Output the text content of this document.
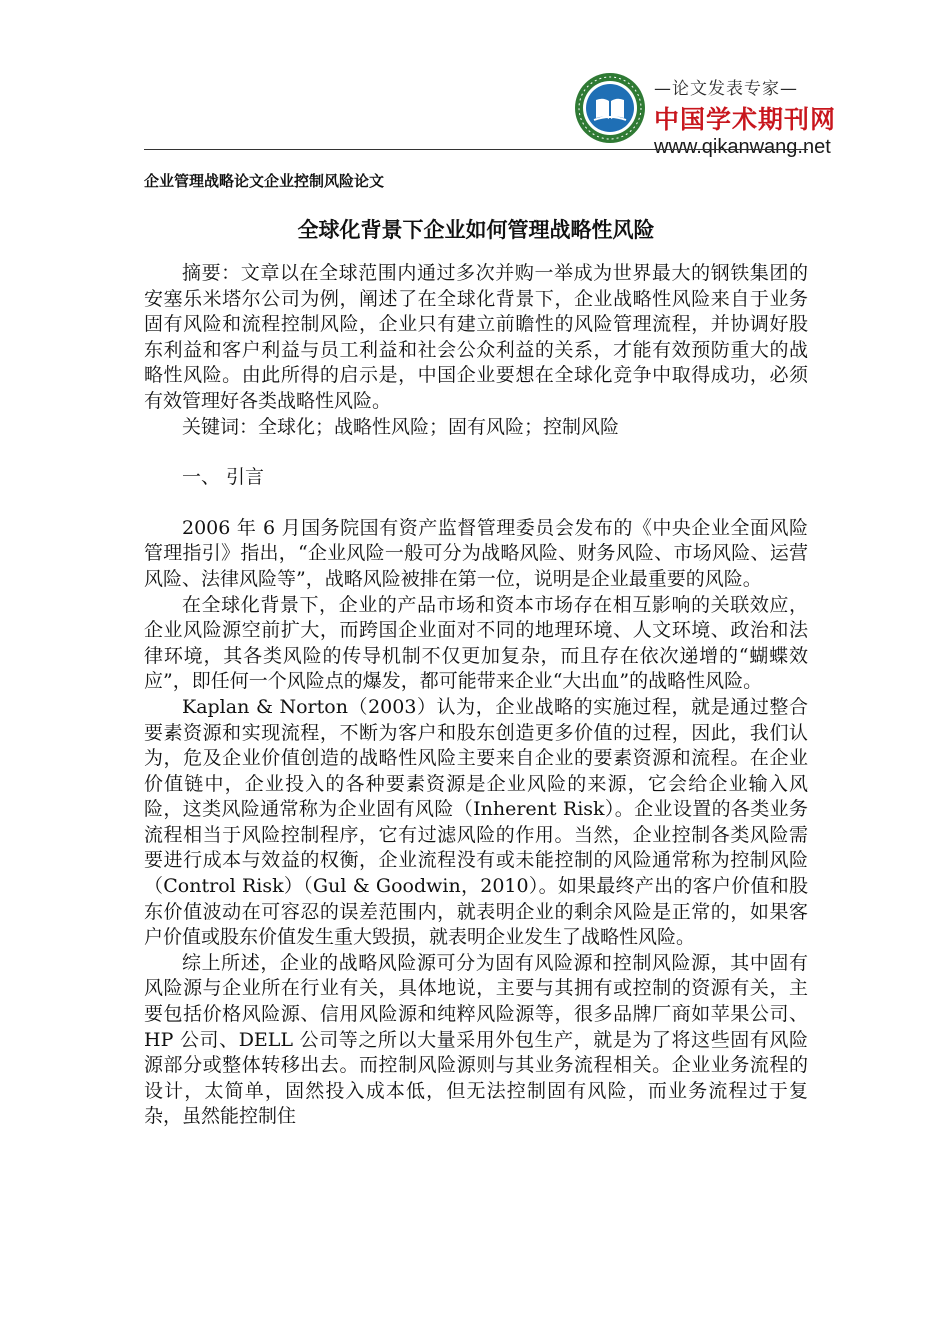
—论文发表专家—
中国学术期刊网
www.qikanwang.net
企业管理战略论文企业控制风险论文
全球化背景下企业如何管理战略性风险

摘要：文章以在全球范围内通过多次并购一举成为世界最大的钢铁集团的安塞乐米塔尔公司为例，阐述了在全球化背景下，企业战略性风险来自于业务固有风险和流程控制风险，企业只有建立前瞻性的风险管理流程，并协调好股东利益和客户利益与员工利益和社会公众利益的关系，才能有效预防重大的战略性风险。由此所得的启示是，中国企业要想在全球化竞争中取得成功，必须有效管理好各类战略性风险。

关键词：全球化；战略性风险；固有风险；控制风险

一、 引言

2006 年 6 月国务院国有资产监督管理委员会发布的《中央企业全面风险管理指引》指出，“企业风险一般可分为战略风险、财务风险、市场风险、运营风险、法律风险等”，战略风险被排在第一位，说明是企业最重要的风险。

在全球化背景下，企业的产品市场和资本市场存在相互影响的关联效应，企业风险源空前扩大，而跨国企业面对不同的地理环境、人文环境、政治和法律环境，其各类风险的传导机制不仅更加复杂，而且存在依次递增的“蝴蝶效应”，即任何一个风险点的爆发，都可能带来企业“大出血”的战略性风险。

Kaplan & Norton（2003）认为，企业战略的实施过程，就是通过整合要素资源和实现流程，不断为客户和股东创造更多价值的过程，因此，我们认为，危及企业价值创造的战略性风险主要来自企业的要素资源和流程。在企业价值链中，企业投入的各种要素资源是企业风险的来源，它会给企业输入风险，这类风险通常称为企业固有风险（Inherent Risk）。企业设置的各类业务流程相当于风险控制程序，它有过滤风险的作用。当然，企业控制各类风险需要进行成本与效益的权衡，企业流程没有或未能控制的风险通常称为控制风险（Control Risk）（Gul & Goodwin，2010）。如果最终产出的客户价值和股东价值波动在可容忍的误差范围内，就表明企业的剩余风险是正常的，如果客户价值或股东价值发生重大毁损，就表明企业发生了战略性风险。

综上所述，企业的战略风险源可分为固有风险源和控制风险源，其中固有风险源与企业所在行业有关，具体地说，主要与其拥有或控制的资源有关，主要包括价格风险源、信用风险源和纯粹风险源等，很多品牌厂商如苹果公司、HP 公司、DELL 公司等之所以大量采用外包生产，就是为了将这些固有风险源部分或整体转移出去。而控制风险源则与其业务流程相关。企业业务流程的设计，太简单，固然投入成本低，但无法控制固有风险，而业务流程过于复杂，虽然能控制住
